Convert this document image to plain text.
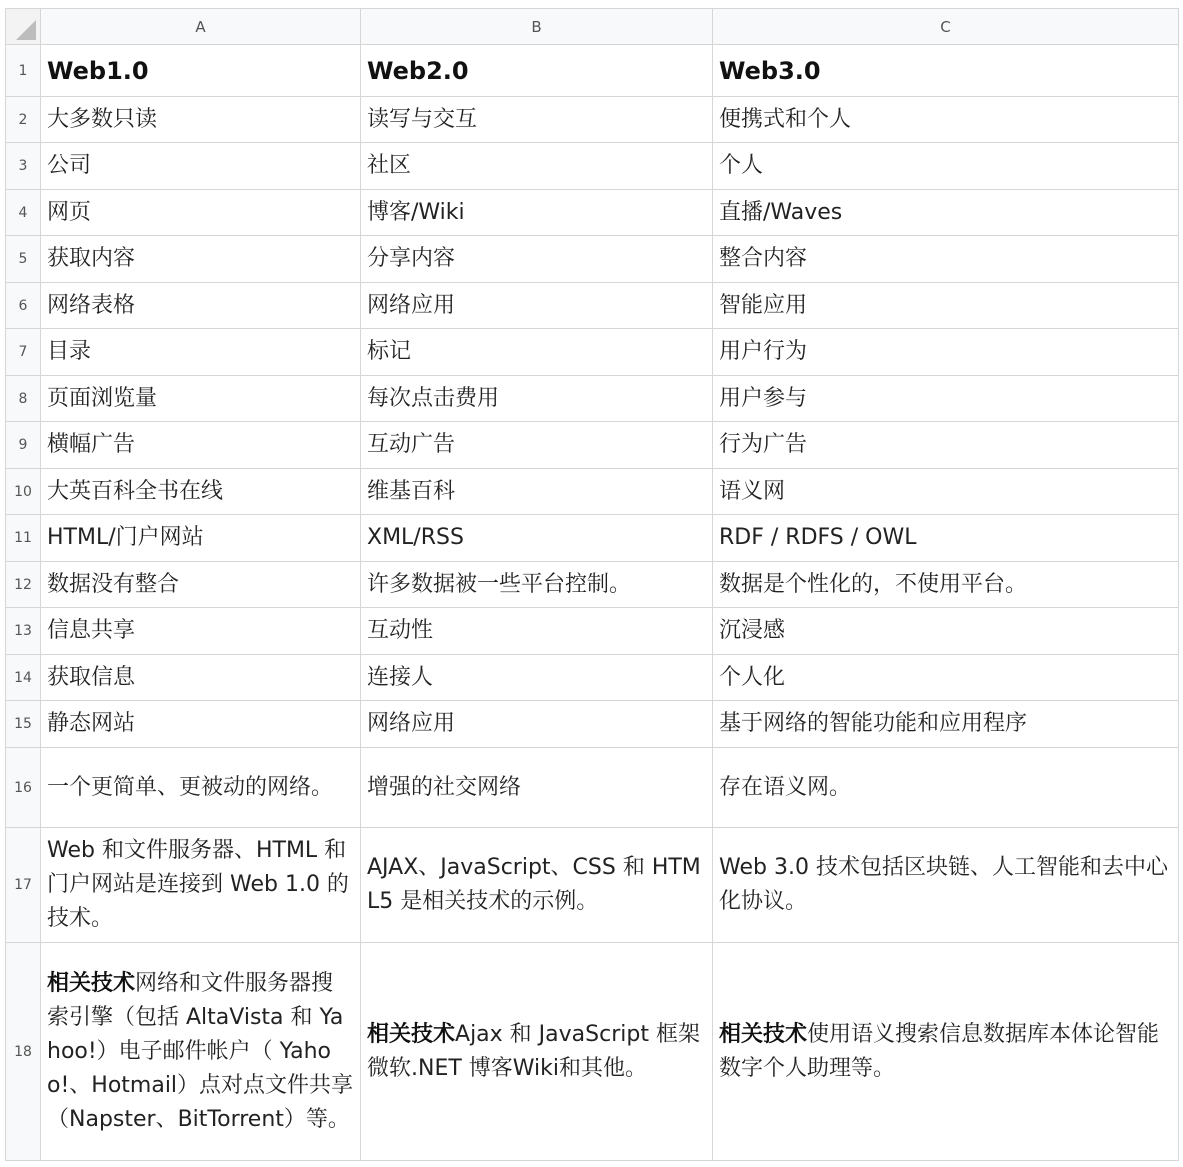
	A	B	C
1	Web1.0	Web2.0	Web3.0
2	大多数只读	读写与交互	便携式和个人
3	公司	社区	个人
4	网页	博客/Wiki	直播/Waves
5	获取内容	分享内容	整合内容
6	网络表格	网络应用	智能应用
7	目录	标记	用户行为
8	页面浏览量	每次点击费用	用户参与
9	横幅广告	互动广告	行为广告
10	大英百科全书在线	维基百科	语义网
11	HTML/门户网站	XML/RSS	RDF / RDFS / OWL
12	数据没有整合	许多数据被一些平台控制。	数据是个性化的，不使用平台。
13	信息共享	互动性	沉浸感
14	获取信息	连接人	个人化
15	静态网站	网络应用	基于网络的智能功能和应用程序
16	一个更简单、更被动的网络。	增强的社交网络	存在语义网。
17	Web 和文件服务器、HTML 和门户网站是连接到 Web 1.0 的技术。	AJAX、JavaScript、CSS 和 HTML5 是相关技术的示例。	Web 3.0 技术包括区块链、人工智能和去中心化协议。
18	相关技术网络和文件服务器搜索引擎（包括 AltaVista 和 Yahoo!）电子邮件帐户（ Yahoo!、Hotmail）点对点文件共享（Napster、BitTorrent）等。	相关技术Ajax 和 JavaScript 框架微软.NET 博客Wiki和其他。	相关技术使用语义搜索信息数据库本体论智能数字个人助理等。
